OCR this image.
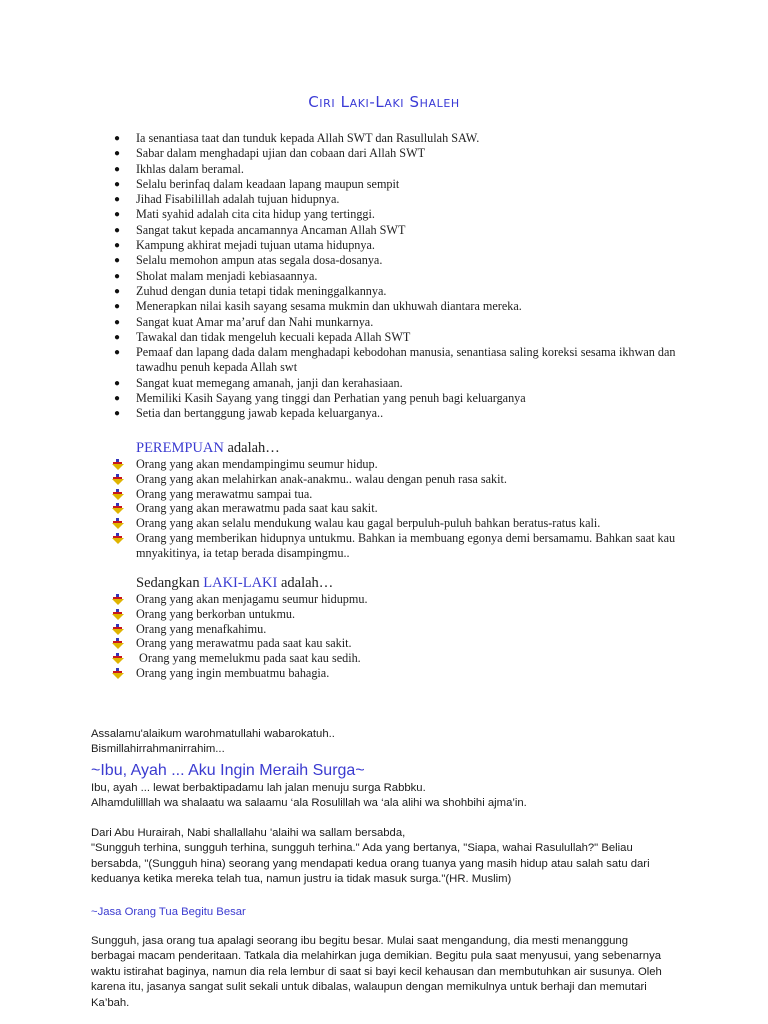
Ciri Laki-Laki Shaleh
● Ia senantiasa taat dan tunduk kepada Allah SWT dan Rasullulah SAW.
● Sabar dalam menghadapi ujian dan cobaan dari Allah SWT
● Ikhlas dalam beramal.
● Selalu berinfaq dalam keadaan lapang maupun sempit
● Jihad Fisabilillah adalah tujuan hidupnya.
● Mati syahid adalah cita cita hidup yang tertinggi.
● Sangat takut kepada ancamannya Ancaman Allah SWT
● Kampung akhirat mejadi tujuan utama hidupnya.
● Selalu memohon ampun atas segala dosa-dosanya.
● Sholat malam menjadi kebiasaannya.
● Zuhud dengan dunia tetapi tidak meninggalkannya.
● Menerapkan nilai kasih sayang sesama mukmin dan ukhuwah diantara mereka.
● Sangat kuat Amar ma’aruf dan Nahi munkarnya.
● Tawakal dan tidak mengeluh kecuali kepada Allah SWT
● Pemaaf dan lapang dada dalam menghadapi kebodohan manusia, senantiasa saling koreksi sesama ikhwan dan tawadhu penuh kepada Allah swt
● Sangat kuat memegang amanah, janji dan kerahasiaan.
● Memiliki Kasih Sayang yang tinggi dan Perhatian yang penuh bagi keluarganya
● Setia dan bertanggung jawab kepada keluarganya..
PEREMPUAN adalah…
Orang yang akan mendampingimu seumur hidup.
Orang yang akan melahirkan anak-anakmu.. walau dengan penuh rasa sakit.
Orang yang merawatmu sampai tua.
Orang yang akan merawatmu pada saat kau sakit.
Orang yang akan selalu mendukung walau kau gagal berpuluh-puluh bahkan beratus-ratus kali.
Orang yang memberikan hidupnya untukmu. Bahkan ia membuang egonya demi bersamamu. Bahkan saat kau mnyakitinya, ia tetap berada disampingmu..
Sedangkan LAKI-LAKI adalah…
Orang yang akan menjagamu seumur hidupmu.
Orang yang berkorban untukmu.
Orang yang menafkahimu.
Orang yang merawatmu pada saat kau sakit.
Orang yang memelukmu pada saat kau sedih.
Orang yang ingin membuatmu bahagia.

Assalamu'alaikum warohmatullahi wabarokatuh..

Bismillahirrahmanirrahim...

~Ibu, Ayah ... Aku Ingin Meraih Surga~

Ibu, ayah ... lewat berbaktipadamu lah jalan menuju surga Rabbku.

Alhamdulilllah wa shalaatu wa salaamu ‘ala Rosulillah wa ‘ala alihi wa shohbihi ajma’in.

Dari Abu Hurairah, Nabi shallallahu 'alaihi wa sallam bersabda,

"Sungguh terhina, sungguh terhina, sungguh terhina." Ada yang bertanya, "Siapa, wahai Rasulullah?" Beliau

bersabda, "(Sungguh hina) seorang yang mendapati kedua orang tuanya yang masih hidup atau salah satu dari

keduanya ketika mereka telah tua, namun justru ia tidak masuk surga."(HR. Muslim)

~Jasa Orang Tua Begitu Besar

Sungguh, jasa orang tua apalagi seorang ibu begitu besar. Mulai saat mengandung, dia mesti menanggung

berbagai macam penderitaan. Tatkala dia melahirkan juga demikian. Begitu pula saat menyusui, yang sebenarnya

waktu istirahat baginya, namun dia rela lembur di saat si bayi kecil kehausan dan membutuhkan air susunya. Oleh

karena itu, jasanya sangat sulit sekali untuk dibalas, walaupun dengan memikulnya untuk berhaji dan memutari

Ka’bah.
